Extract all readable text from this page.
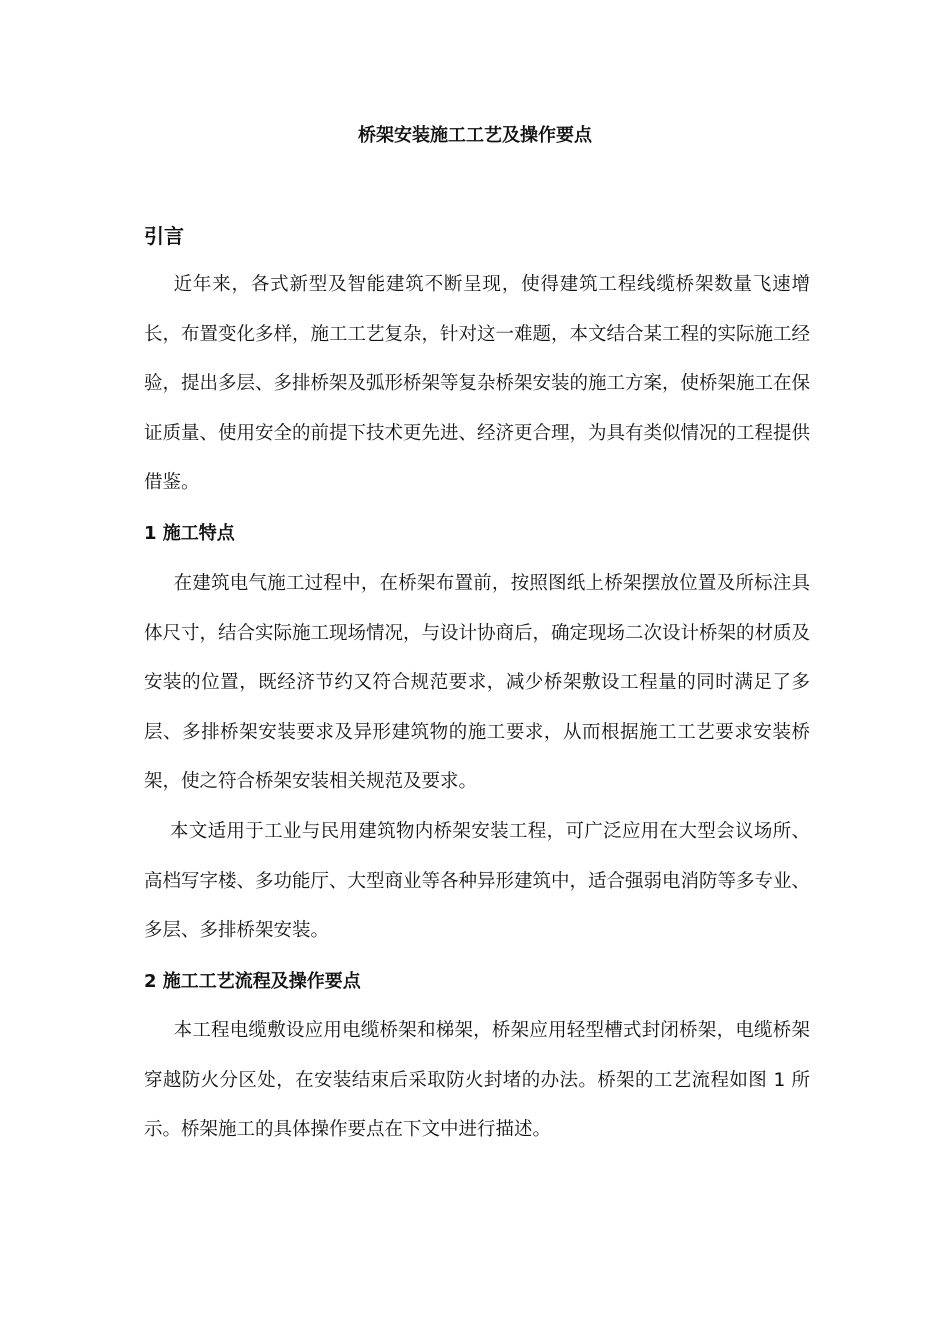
桥架安装施工工艺及操作要点
引言

近年来，各式新型及智能建筑不断呈现，使得建筑工程线缆桥架数量飞速增长，布置变化多样，施工工艺复杂，针对这一难题，本文结合某工程的实际施工经验，提出多层、多排桥架及弧形桥架等复杂桥架安装的施工方案，使桥架施工在保证质量、使用安全的前提下技术更先进、经济更合理，为具有类似情况的工程提供借鉴。

1 施工特点

在建筑电气施工过程中，在桥架布置前，按照图纸上桥架摆放位置及所标注具体尺寸，结合实际施工现场情况，与设计协商后，确定现场二次设计桥架的材质及安装的位置，既经济节约又符合规范要求，减少桥架敷设工程量的同时满足了多层、多排桥架安装要求及异形建筑物的施工要求，从而根据施工工艺要求安装桥架，使之符合桥架安装相关规范及要求。

本文适用于工业与民用建筑物内桥架安装工程，可广泛应用在大型会议场所、高档写字楼、多功能厅、大型商业等各种异形建筑中，适合强弱电消防等多专业、多层、多排桥架安装。

2 施工工艺流程及操作要点

本工程电缆敷设应用电缆桥架和梯架，桥架应用轻型槽式封闭桥架，电缆桥架穿越防火分区处，在安装结束后采取防火封堵的办法。桥架的工艺流程如图 1 所示。桥架施工的具体操作要点在下文中进行描述。
